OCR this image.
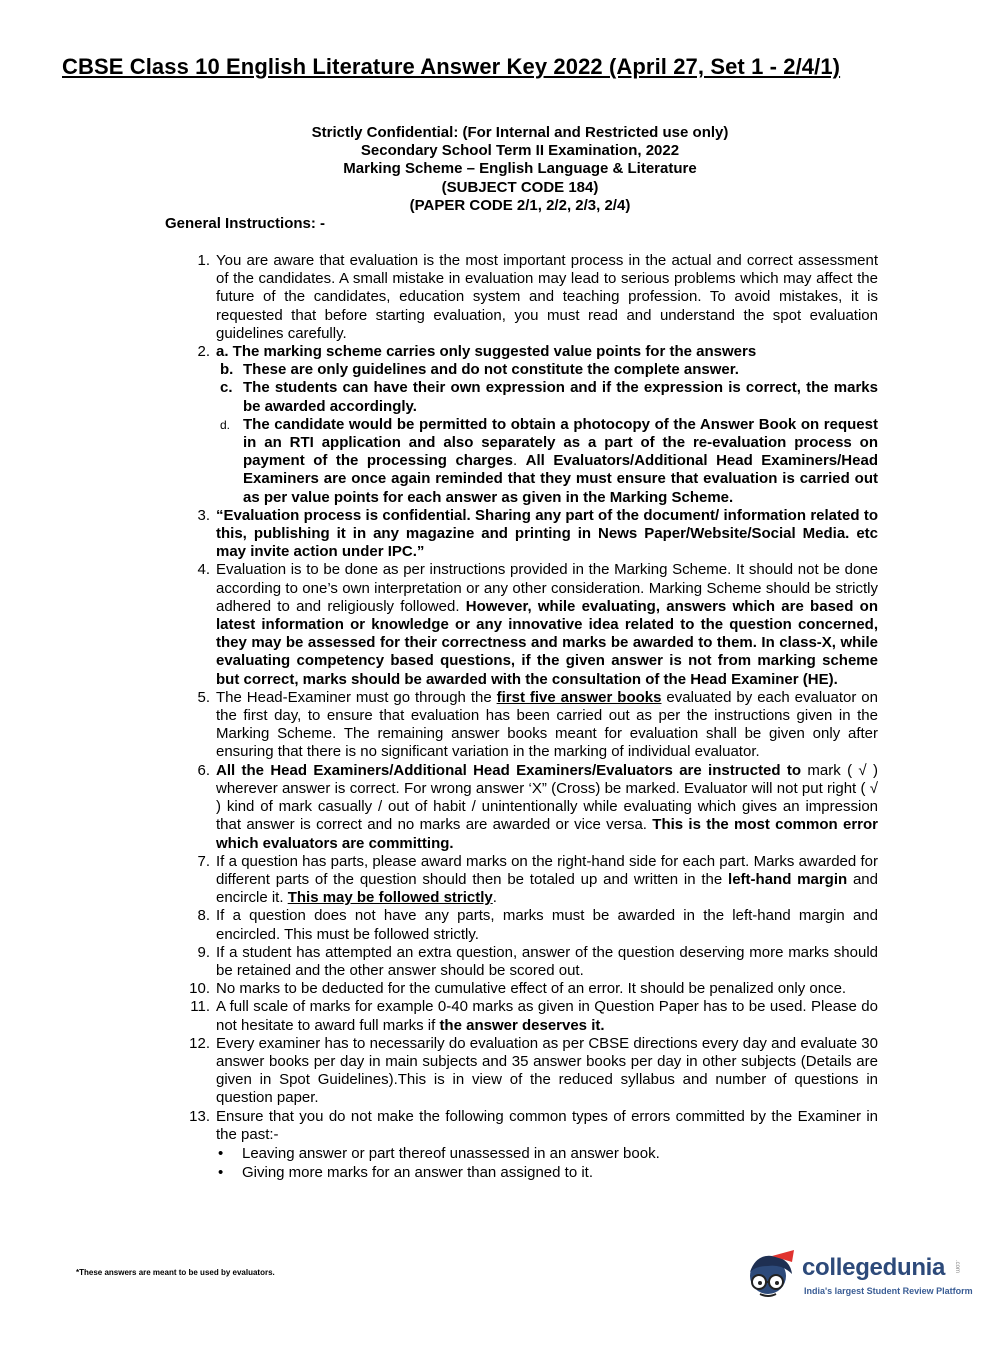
CBSE Class 10 English Literature Answer Key 2022 (April 27, Set 1 - 2/4/1)
Strictly Confidential: (For Internal and Restricted use only)
Secondary School Term II Examination, 2022
Marking Scheme – English Language & Literature
(SUBJECT CODE 184)
(PAPER CODE 2/1, 2/2, 2/3, 2/4)
General Instructions: -
1. You are aware that evaluation is the most important process in the actual and correct assessment of the candidates. A small mistake in evaluation may lead to serious problems which may affect the future of the candidates, education system and teaching profession. To avoid mistakes, it is requested that before starting evaluation, you must read and understand the spot evaluation guidelines carefully.
2. a. The marking scheme carries only suggested value points for the answers
b. These are only guidelines and do not constitute the complete answer.
c. The students can have their own expression and if the expression is correct, the marks be awarded accordingly.
d. The candidate would be permitted to obtain a photocopy of the Answer Book on request in an RTI application and also separately as a part of the re-evaluation process on payment of the processing charges. All Evaluators/Additional Head Examiners/Head Examiners are once again reminded that they must ensure that evaluation is carried out as per value points for each answer as given in the Marking Scheme.
3. “Evaluation process is confidential. Sharing any part of the document/ information related to this, publishing it in any magazine and printing in News Paper/Website/Social Media. etc may invite action under IPC.”
4. Evaluation is to be done as per instructions provided in the Marking Scheme. It should not be done according to one’s own interpretation or any other consideration. Marking Scheme should be strictly adhered to and religiously followed. However, while evaluating, answers which are based on latest information or knowledge or any innovative idea related to the question concerned, they may be assessed for their correctness and marks be awarded to them. In class-X, while evaluating competency based questions, if the given answer is not from marking scheme but correct, marks should be awarded with the consultation of the Head Examiner (HE).
5. The Head-Examiner must go through the first five answer books evaluated by each evaluator on the first day, to ensure that evaluation has been carried out as per the instructions given in the Marking Scheme. The remaining answer books meant for evaluation shall be given only after ensuring that there is no significant variation in the marking of individual evaluator.
6. All the Head Examiners/Additional Head Examiners/Evaluators are instructed to mark ( √ ) wherever answer is correct. For wrong answer ‘X” (Cross) be marked. Evaluator will not put right ( √ ) kind of mark casually / out of habit / unintentionally while evaluating which gives an impression that answer is correct and no marks are awarded or vice versa. This is the most common error which evaluators are committing.
7. If a question has parts, please award marks on the right-hand side for each part. Marks awarded for different parts of the question should then be totaled up and written in the left-hand margin and encircle it. This may be followed strictly.
8. If a question does not have any parts, marks must be awarded in the left-hand margin and encircled. This must be followed strictly.
9. If a student has attempted an extra question, answer of the question deserving more marks should be retained and the other answer should be scored out.
10. No marks to be deducted for the cumulative effect of an error. It should be penalized only once.
11. A full scale of marks for example 0-40 marks as given in Question Paper has to be used. Please do not hesitate to award full marks if the answer deserves it.
12. Every examiner has to necessarily do evaluation as per CBSE directions every day and evaluate 30 answer books per day in main subjects and 35 answer books per day in other subjects (Details are given in Spot Guidelines).This is in view of the reduced syllabus and number of questions in question paper.
13. Ensure that you do not make the following common types of errors committed by the Examiner in the past:-
• Leaving answer or part thereof unassessed in an answer book.
• Giving more marks for an answer than assigned to it.
*These answers are meant to be used by evaluators.	collegedunia .com
India's largest Student Review Platform
